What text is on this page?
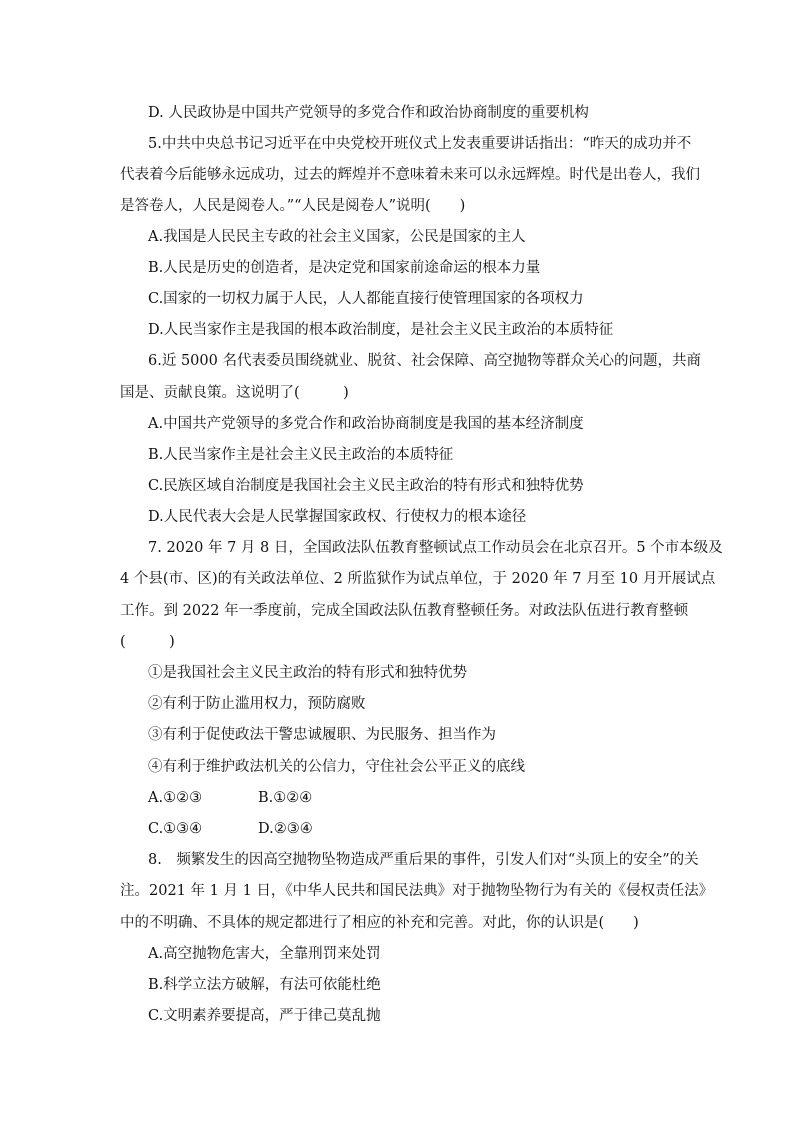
D. 人民政协是中国共产党领导的多党合作和政治协商制度的重要机构
5.中共中央总书记习近平在中央党校开班仪式上发表重要讲话指出：“昨天的成功并不
代表着今后能够永远成功，过去的辉煌并不意味着未来可以永远辉煌。时代是出卷人，我们
是答卷人，人民是阅卷人。”“人民是阅卷人”说明(　　)
A.我国是人民民主专政的社会主义国家，公民是国家的主人
B.人民是历史的创造者，是决定党和国家前途命运的根本力量
C.国家的一切权力属于人民，人人都能直接行使管理国家的各项权力
D.人民当家作主是我国的根本政治制度，是社会主义民主政治的本质特征
6.近 5000 名代表委员围绕就业、脱贫、社会保障、高空抛物等群众关心的问题，共商
国是、贡献良策。这说明了(　　　)
A.中国共产党领导的多党合作和政治协商制度是我国的基本经济制度
B.人民当家作主是社会主义民主政治的本质特征
C.民族区域自治制度是我国社会主义民主政治的特有形式和独特优势
D.人民代表大会是人民掌握国家政权、行使权力的根本途径
7. 2020 年 7 月 8 日，全国政法队伍教育整顿试点工作动员会在北京召开。5 个市本级及
4 个县(市、区)的有关政法单位、2 所监狱作为试点单位，于 2020 年 7 月至 10 月开展试点
工作。到 2022 年一季度前，完成全国政法队伍教育整顿任务。对政法队伍进行教育整顿
(　　　)
①是我国社会主义民主政治的特有形式和独特优势
②有利于防止滥用权力，预防腐败
③有利于促使政法干警忠诚履职、为民服务、担当作为
④有利于维护政法机关的公信力，守住社会公平正义的底线
A.①②③	B.①②④
C.①③④	D.②③④
8.　频繁发生的因高空抛物坠物造成严重后果的事件，引发人们对“头顶上的安全”的关
注。2021 年 1 月 1 日，《中华人民共和国民法典》对于抛物坠物行为有关的《侵权责任法》
中的不明确、不具体的规定都进行了相应的补充和完善。对此，你的认识是(　　)
A.高空抛物危害大，全靠刑罚来处罚
B.科学立法方破解，有法可依能杜绝
C.文明素养要提高，严于律己莫乱抛
